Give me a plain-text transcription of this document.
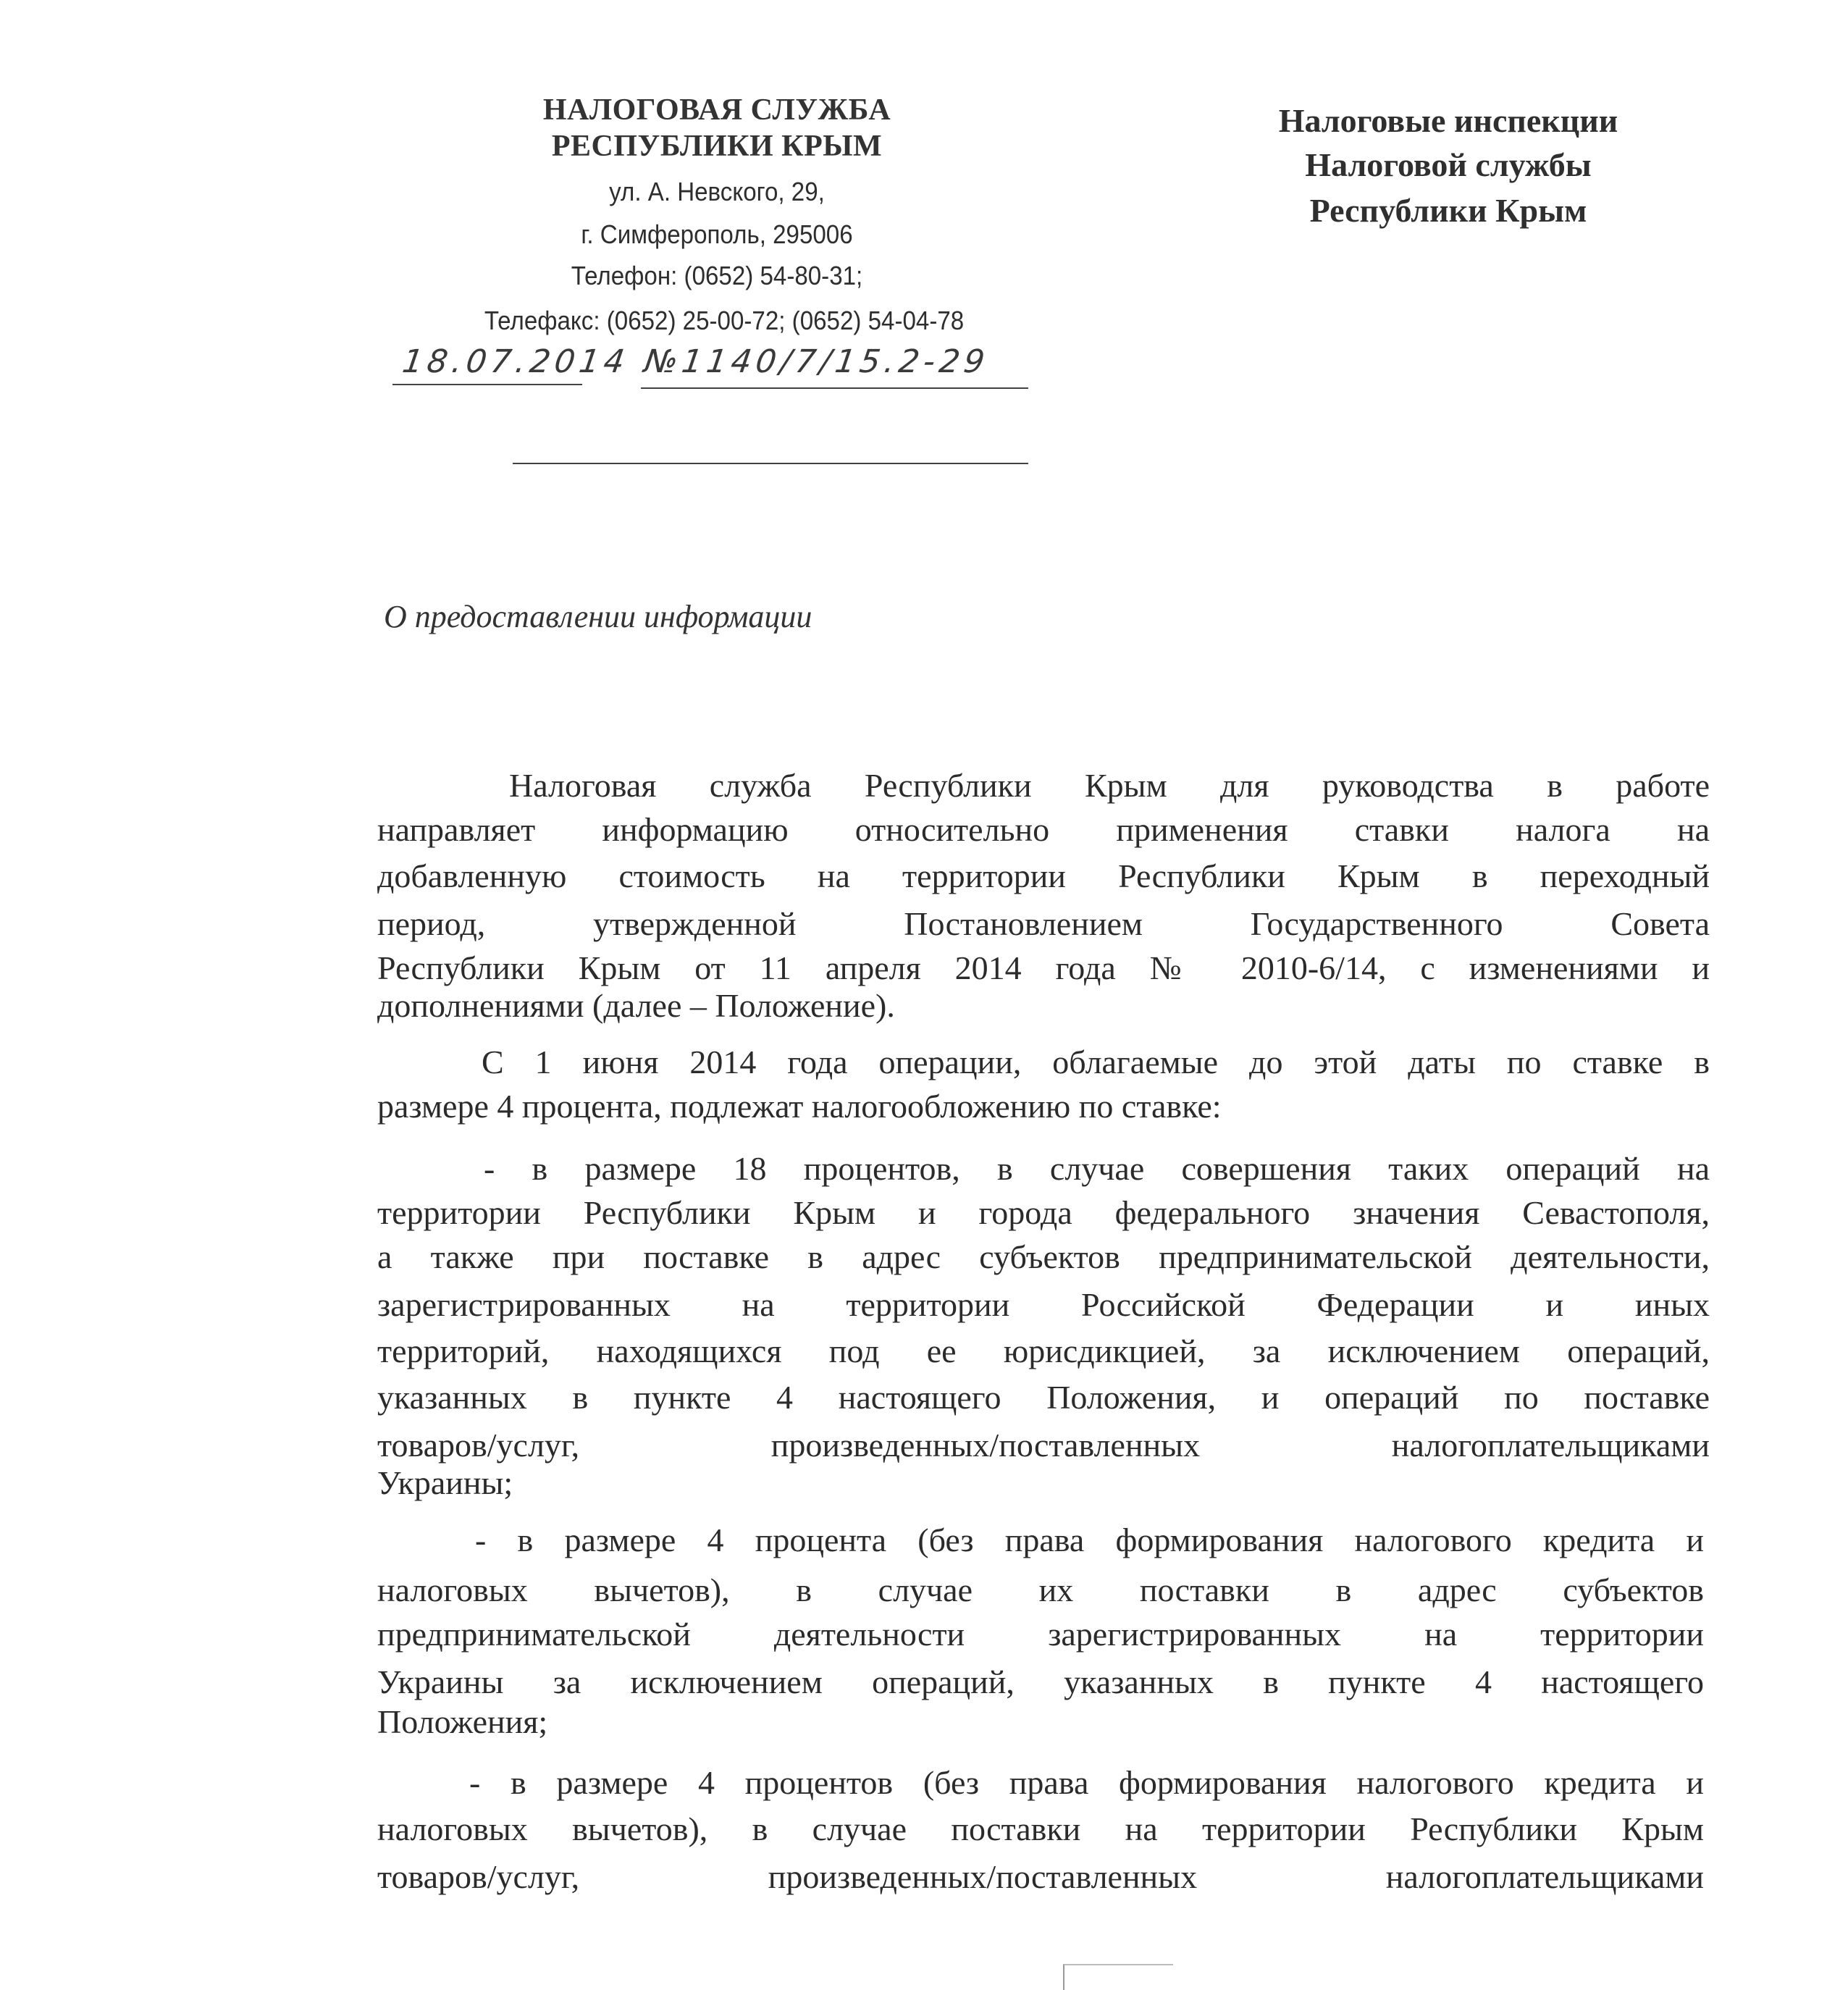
НАЛОГОВАЯ СЛУЖБА
РЕСПУБЛИКИ КРЫМ
ул. А. Невского, 29,
г. Симферополь, 295006
Телефон: (0652) 54-80-31;
Телефакс: (0652) 25-00-72; (0652) 54-04-78
Налоговые инспекции
Налоговой службы
Республики Крым
18.07.2014 №1140/7/15.2-29
О предоставлении информации
Налоговая служба Республики Крым для руководства в работе
направляет информацию относительно применения ставки налога на
добавленную стоимость на территории Республики Крым в переходный
период, утвержденной Постановлением Государственного Совета
Республики Крым от 11 апреля 2014 года № 2010-6/14, с изменениями и
дополнениями (далее – Положение).
С 1 июня 2014 года операции, облагаемые до этой даты по ставке в
размере 4 процента, подлежат налогообложению по ставке:
- в размере 18 процентов, в случае совершения таких операций на
территории Республики Крым и города федерального значения Севастополя,
а также при поставке в адрес субъектов предпринимательской деятельности,
зарегистрированных на территории Российской Федерации и иных
территорий, находящихся под ее юрисдикцией, за исключением операций,
указанных в пункте 4 настоящего Положения, и операций по поставке
товаров/услуг, произведенных/поставленных налогоплательщиками
Украины;
- в размере 4 процента (без права формирования налогового кредита и
налоговых вычетов), в случае их поставки в адрес субъектов
предпринимательской деятельности зарегистрированных на территории
Украины за исключением операций, указанных в пункте 4 настоящего
Положения;
- в размере 4 процентов (без права формирования налогового кредита и
налоговых вычетов), в случае поставки на территории Республики Крым
товаров/услуг, произведенных/поставленных налогоплательщиками
